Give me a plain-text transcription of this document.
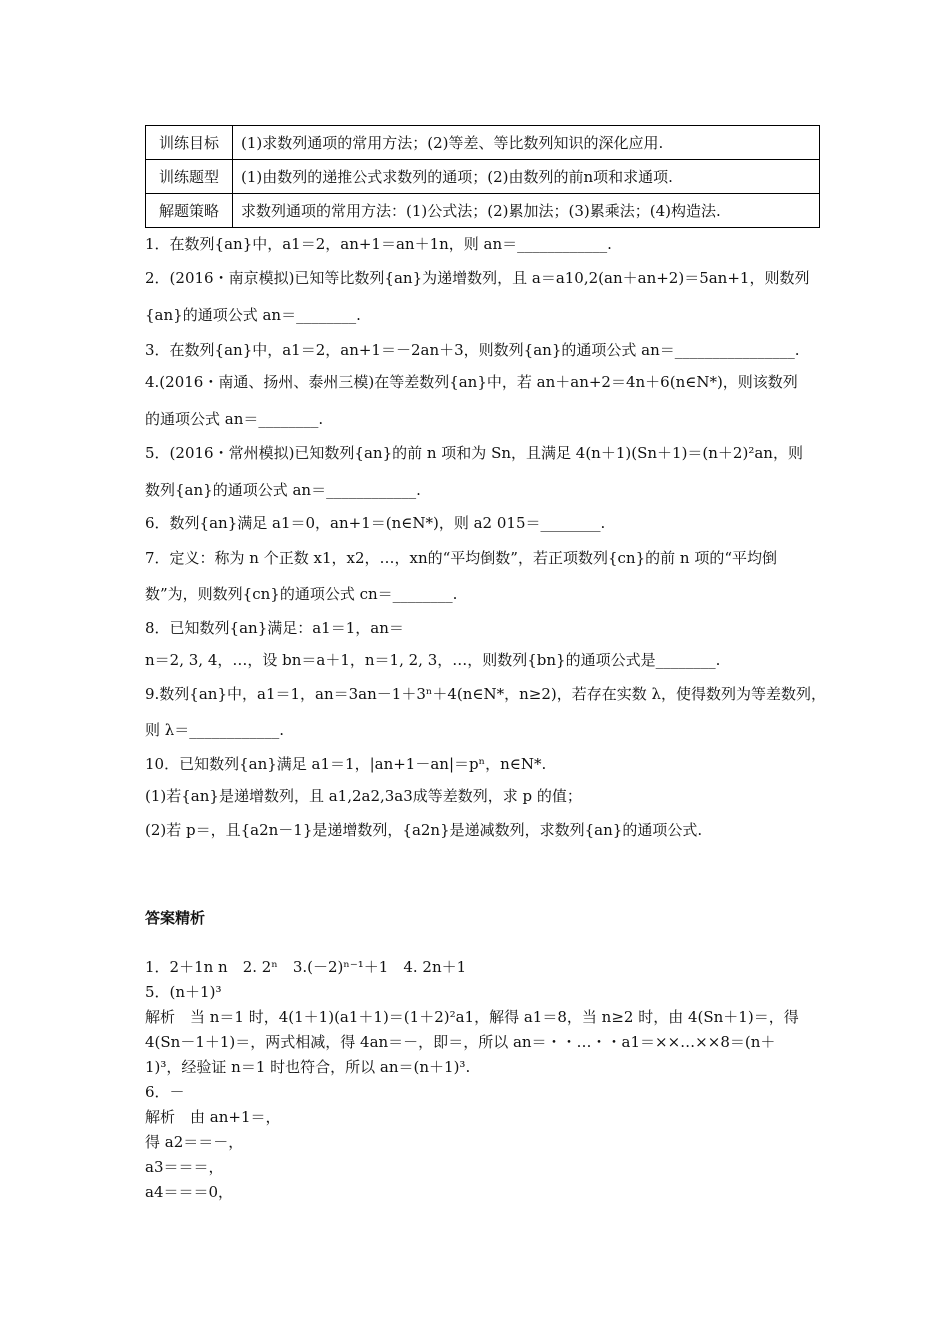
训练目标	(1)求数列通项的常用方法；(2)等差、等比数列知识的深化应用.
训练题型	(1)由数列的递推公式求数列的通项；(2)由数列的前n项和求通项.
解题策略	求数列通项的常用方法：(1)公式法；(2)累加法；(3)累乘法；(4)构造法.
1．在数列{an}中，a1＝2，an+1＝an＋1n，则 an＝____________.
2．(2016・南京模拟)已知等比数列{an}为递增数列，且 a＝a10,2(an＋an+2)＝5an+1，则数列
{an}的通项公式 an＝________.
3．在数列{an}中，a1＝2，an+1＝－2an＋3，则数列{an}的通项公式 an＝________________.
4.(2016・南通、扬州、泰州三模)在等差数列{an}中，若 an＋an+2＝4n＋6(n∈N*)，则该数列
的通项公式 an＝________.
5．(2016・常州模拟)已知数列{an}的前 n 项和为 Sn，且满足 4(n＋1)(Sn＋1)＝(n＋2)²an，则
数列{an}的通项公式 an＝____________.
6．数列{an}满足 a1＝0，an+1＝(n∈N*)，则 a2 015＝________.
7．定义：称为 n 个正数 x1，x2，…，xn的“平均倒数”，若正项数列{cn}的前 n 项的“平均倒
数”为，则数列{cn}的通项公式 cn＝________.
8．已知数列{an}满足：a1＝1，an＝
n＝2, 3, 4，…，设 bn＝a＋1，n＝1, 2, 3，…，则数列{bn}的通项公式是________.
9.数列{an}中，a1＝1，an＝3an－1＋3ⁿ＋4(n∈N*，n≥2)，若存在实数 λ，使得数列为等差数列，
则 λ＝____________.
10．已知数列{an}满足 a1＝1，|an+1－an|＝pⁿ，n∈N*.
(1)若{an}是递增数列，且 a1,2a2,3a3成等差数列，求 p 的值；
(2)若 p＝，且{a2n－1}是递增数列，{a2n}是递减数列，求数列{an}的通项公式.
答案精析
1．2＋1n n　2. 2ⁿ　3.(－2)ⁿ⁻¹＋1　4. 2n＋1
5．(n＋1)³
解析　当 n＝1 时，4(1＋1)(a1＋1)＝(1＋2)²a1，解得 a1＝8，当 n≥2 时，由 4(Sn＋1)＝，得
4(Sn－1＋1)＝，两式相减，得 4an＝－，即＝，所以 an＝・・…・・a1＝××…××8＝(n＋
1)³，经验证 n＝1 时也符合，所以 an＝(n＋1)³.
6．－
解析　由 an+1＝，
得 a2＝＝－，
a3＝＝＝，
a4＝＝＝0，
